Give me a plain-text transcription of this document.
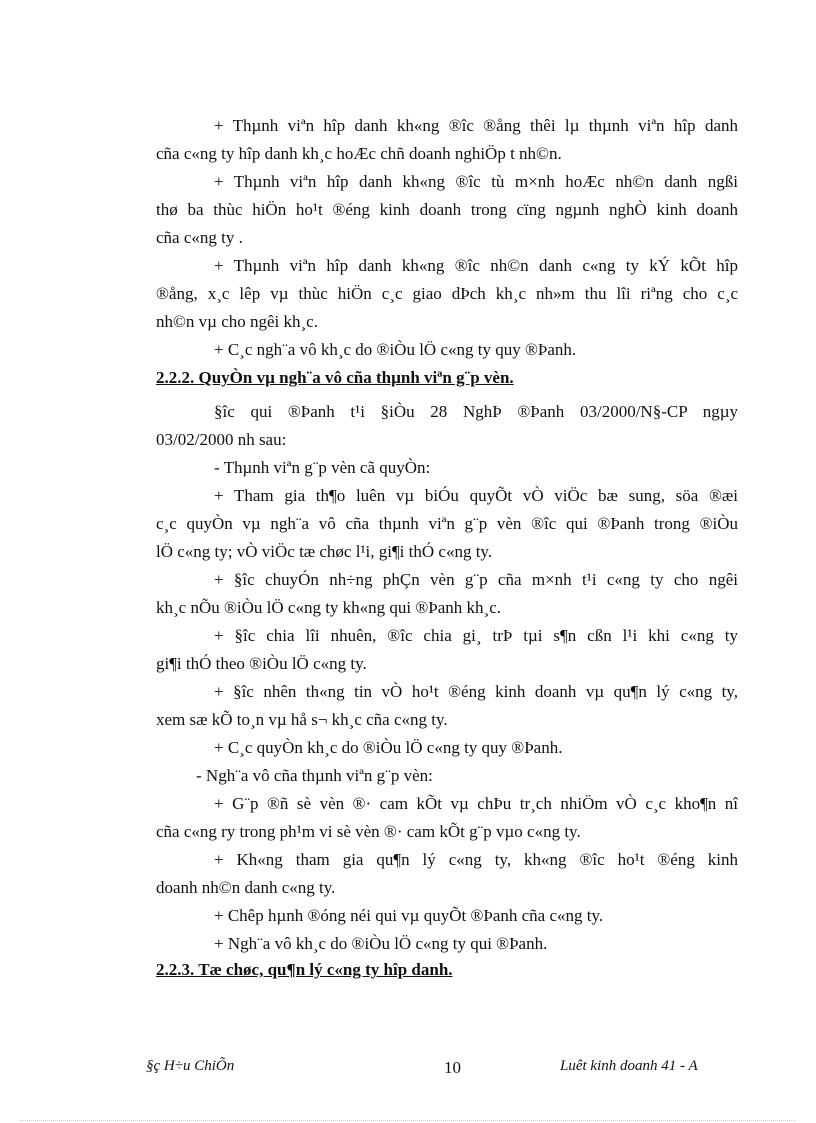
+ Thµnh viªn hîp danh kh«ng ®îc ®ång thêi lµ thµnh viªn hîp danh
cña c«ng ty hîp danh kh¸c hoÆc chñ doanh nghiÖp t nh©n.
+ Thµnh viªn hîp danh kh«ng ®îc tù m×nh hoÆc nh©n danh ngßi
thø ba thùc hiÖn ho¹t ®éng kinh doanh trong cïng ngµnh nghÒ kinh doanh
cña c«ng ty .
+ Thµnh viªn hîp danh kh«ng ®îc nh©n danh c«ng ty kÝ kÕt hîp
®ång, x¸c lêp vµ thùc hiÖn c¸c giao dÞch kh¸c nh»m thu lîi riªng cho c¸c
nh©n vµ cho ngêi kh¸c.
+ C¸c ngh¨a vô kh¸c do ®iÒu lÖ c«ng ty quy ®Þanh.
2.2.2. QuyÒn vµ ngh¨a vô cña thµnh viªn g¨p vèn.
§îc qui ®Þanh t¹i §iÒu 28 NghÞ ®Þanh 03/2000/N§-CP ngµy
03/02/2000 nh sau:
- Thµnh viªn g¨p vèn cã quyÒn:
+ Tham gia th¶o luên vµ biÓu quyÕt vÒ viÖc bæ sung, söa ®æi
c¸c quyÒn vµ ngh¨a vô cña thµnh viªn g¨p vèn ®îc qui ®Þanh trong ®iÒu
lÖ c«ng ty; vÒ viÖc tæ chøc l¹i, gi¶i thÓ c«ng ty.
+ §îc chuyÓn nh÷ng phÇn vèn g¨p cña m×nh t¹i c«ng ty cho ngêi
kh¸c nÕu ®iÒu lÖ c«ng ty kh«ng qui ®Þanh kh¸c.
+ §îc chia lîi nhuên, ®îc chia gi¸ trÞ tµi s¶n cßn l¹i khi c«ng ty
gi¶i thÓ theo ®iÒu lÖ c«ng ty.
+ §îc nhên th«ng tin vÒ ho¹t ®éng kinh doanh vµ qu¶n lý c«ng ty,
xem sæ kÕ to¸n vµ hå s¬ kh¸c cña c«ng ty.
+ C¸c quyÒn kh¸c do ®iÒu lÖ c«ng ty quy ®Þanh.
- Ngh¨a vô cña thµnh viªn g¨p vèn:
+ G¨p ®ñ sè vèn ®· cam kÕt vµ chÞu tr¸ch nhiÖm vÒ c¸c kho¶n nî
cña c«ng ry trong ph¹m vi sè vèn ®· cam kÕt g¨p vµo c«ng ty.
+ Kh«ng tham gia qu¶n lý c«ng ty, kh«ng ®îc ho¹t ®éng kinh
doanh nh©n danh c«ng ty.
+ Chêp hµnh ®óng néi qui vµ quyÕt ®Þanh cña c«ng ty.
+ Ngh¨a vô kh¸c do ®iÒu lÖ c«ng ty qui ®Þanh.
2.2.3. Tæ chøc, qu¶n lý c«ng ty hîp danh.
§ç H÷u ChiÕn	10	Luêt kinh doanh 41 - A
